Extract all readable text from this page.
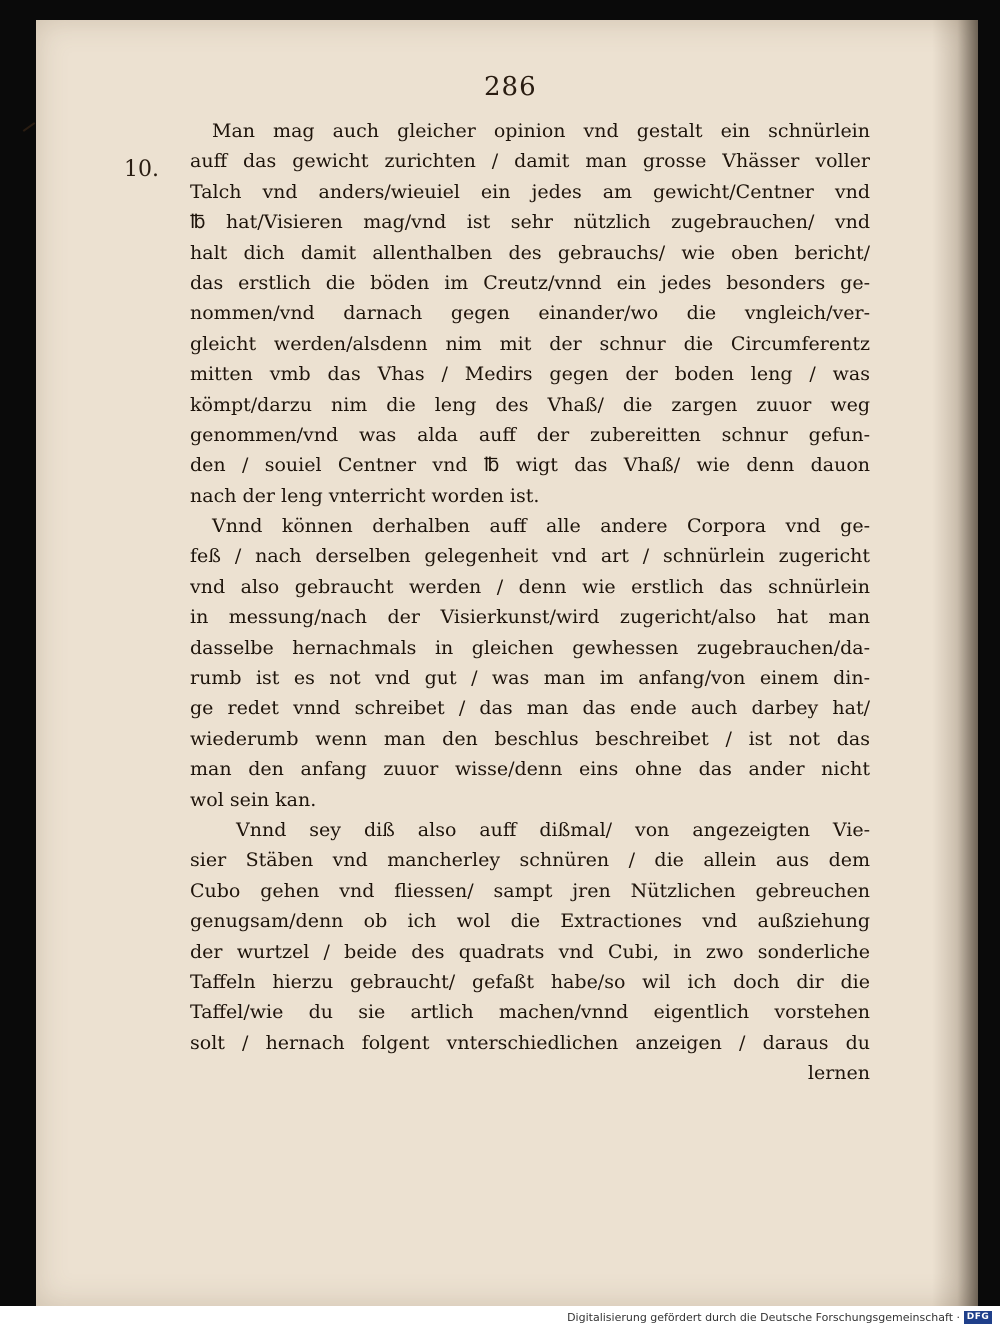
286
10.
Man mag auch gleicher opinion vnd gestalt ein schnürlein
auff das gewicht zurichten / damit man grosse Vhässer voller
Talch vnd anders/wieuiel ein jedes am gewicht/Centner vnd
℔ hat/Visieren mag/vnd ist sehr nützlich zugebrauchen/ vnd
halt dich damit allenthalben des gebrauchs/ wie oben bericht/
das erstlich die böden im Creutz/vnnd ein jedes besonders ge-
nommen/vnd darnach gegen einander/wo die vngleich/ver-
gleicht werden/alsdenn nim mit der schnur die Circumferentz
mitten vmb das Vhas / Medirs gegen der boden leng / was
kömpt/darzu nim die leng des Vhaß/ die zargen zuuor weg
genommen/vnd was alda auff der zubereitten schnur gefun-
den / souiel Centner vnd ℔ wigt das Vhaß/ wie denn dauon
nach der leng vnterricht worden ist.
Vnnd können derhalben auff alle andere Corpora vnd ge-
feß / nach derselben gelegenheit vnd art / schnürlein zugericht
vnd also gebraucht werden / denn wie erstlich das schnürlein
in messung/nach der Visierkunst/wird zugericht/also hat man
dasselbe hernachmals in gleichen gewhessen zugebrauchen/da-
rumb ist es not vnd gut / was man im anfang/von einem din-
ge redet vnnd schreibet / das man das ende auch darbey hat/
wiederumb wenn man den beschlus beschreibet / ist not das
man den anfang zuuor wisse/denn eins ohne das ander nicht
wol sein kan.
Vnnd sey diß also auff dißmal/ von angezeigten Vie-
sier Stäben vnd mancherley schnüren / die allein aus dem
Cubo gehen vnd fliessen/ sampt jren Nützlichen gebreuchen
genugsam/denn ob ich wol die Extractiones vnd außziehung
der wurtzel / beide des quadrats vnd Cubi, in zwo sonderliche
Taffeln hierzu gebraucht/ gefaßt habe/so wil ich doch dir die
Taffel/wie du sie artlich machen/vnnd eigentlich vorstehen
solt / hernach folgent vnterschiedlichen anzeigen / daraus du
lernen
Digitalisierung gefördert durch die Deutsche Forschungsgemeinschaft · DFG
